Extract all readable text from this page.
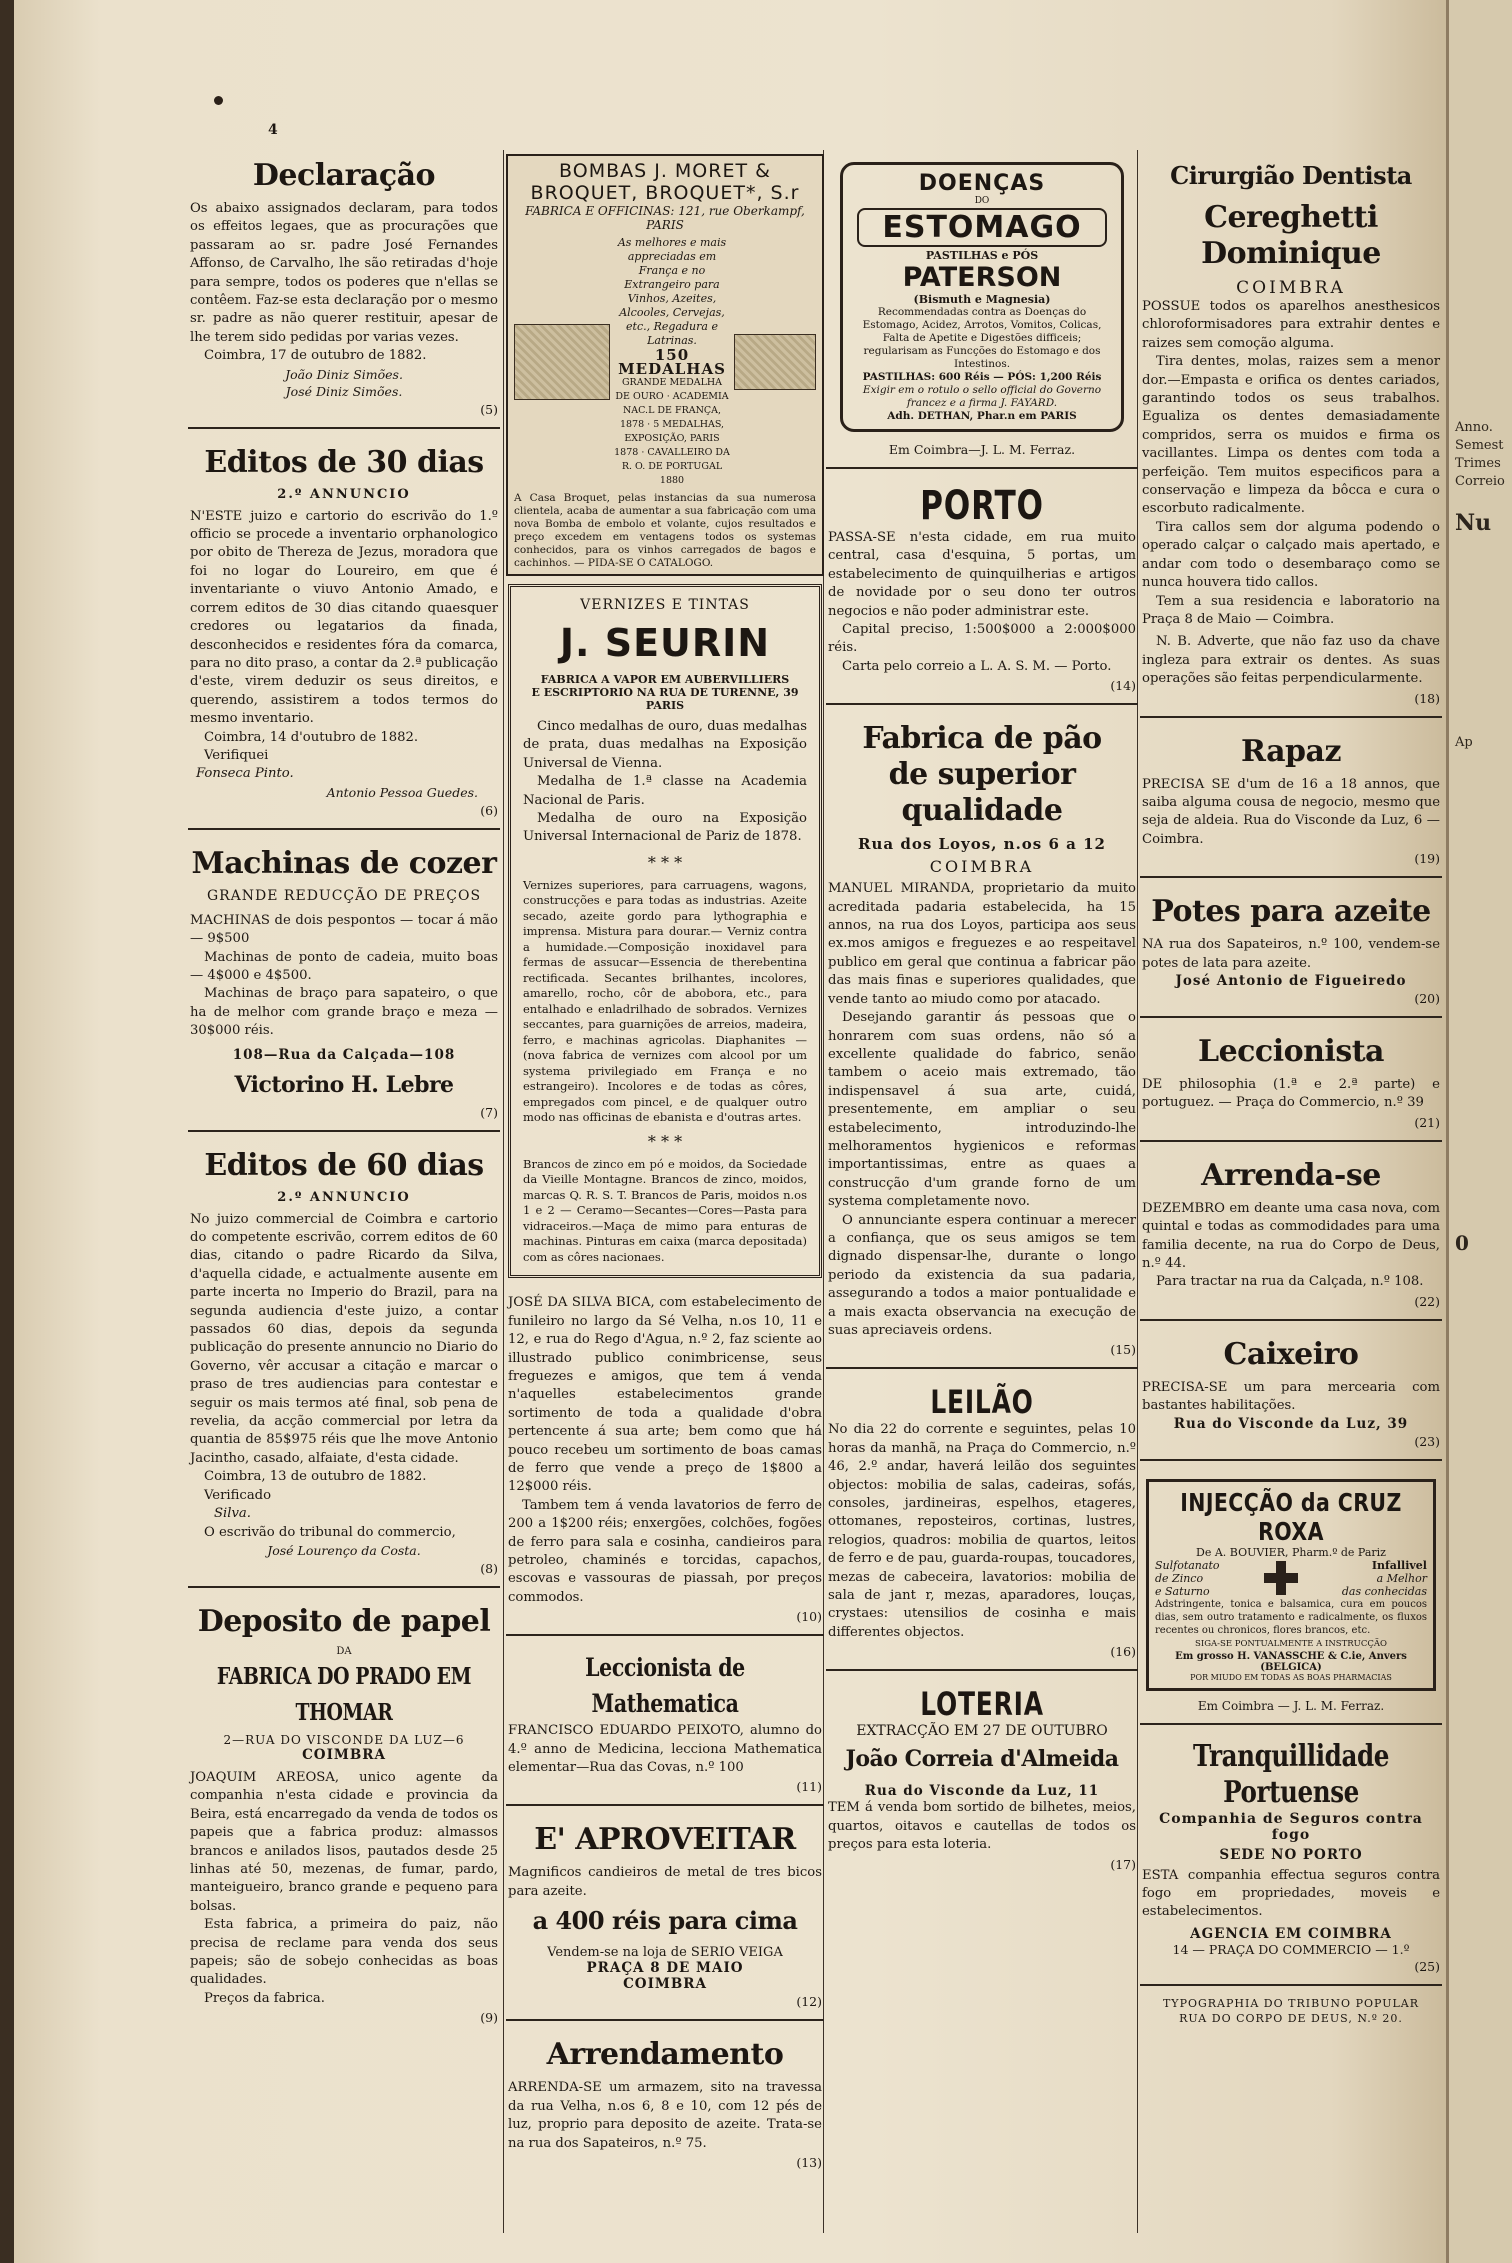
4
Declaração
Os abaixo assignados declaram, para todos os effeitos legaes, que as procurações que passaram ao sr. padre José Fernandes Affonso, de Carvalho, lhe são retiradas d'hoje para sempre, todos os poderes que n'ellas se contêem. Faz-se esta declaração por o mesmo sr. padre as não querer restituir, apesar de lhe terem sido pedidas por varias vezes.
Coimbra, 17 de outubro de 1882.
João Diniz Simões.
José Diniz Simões.
(5)
Editos de 30 dias
2.º ANNUNCIO
N'ESTE juizo e cartorio do escrivão do 1.º officio se procede a inventario orphanologico por obito de Thereza de Jezus, moradora que foi no logar do Loureiro, em que é inventariante o viuvo Antonio Amado, e correm editos de 30 dias citando quaesquer credores ou legatarios da finada, desconhecidos e residentes fóra da comarca, para no dito praso, a contar da 2.ª publicação d'este, virem deduzir os seus direitos, e querendo, assistirem a todos termos do mesmo inventario.
Coimbra, 14 d'outubro de 1882.
Verifiquei
Fonseca Pinto.
Antonio Pessoa Guedes.
(6)
Machinas de cozer
GRANDE REDUCÇÃO DE PREÇOS
MACHINAS de dois pespontos — tocar á mão — 9$500
Machinas de ponto de cadeia, muito boas — 4$000 e 4$500.
Machinas de braço para sapateiro, o que ha de melhor com grande braço e meza — 30$000 réis.
108—Rua da Calçada—108
Victorino H. Lebre
(7)
Editos de 60 dias
2.º ANNUNCIO
No juizo commercial de Coimbra e cartorio do competente escrivão, correm editos de 60 dias, citando o padre Ricardo da Silva, d'aquella cidade, e actualmente ausente em parte incerta no Imperio do Brazil, para na segunda audiencia d'este juizo, a contar passados 60 dias, depois da segunda publicação do presente annuncio no Diario do Governo, vêr accusar a citação e marcar o praso de tres audiencias para contestar e seguir os mais termos até final, sob pena de revelia, da acção commercial por letra da quantia de 85$975 réis que lhe move Antonio Jacintho, casado, alfaiate, d'esta cidade.
Coimbra, 13 de outubro de 1882.
Verificado
Silva.
O escrivão do tribunal do commercio,
José Lourenço da Costa.
(8)
Deposito de papel
DA
FABRICA DO PRADO EM THOMAR
2—RUA DO VISCONDE DA LUZ—6
COIMBRA
JOAQUIM AREOSA, unico agente da companhia n'esta cidade e provincia da Beira, está encarregado da venda de todos os papeis que a fabrica produz: almassos brancos e anilados lisos, pautados desde 25 linhas até 50, mezenas, de fumar, pardo, manteigueiro, branco grande e pequeno para bolsas.
Esta fabrica, a primeira do paiz, não precisa de reclame para venda dos seus papeis; são de sobejo conhecidas as boas qualidades.
Preços da fabrica.
(9)
BOMBAS J. MORET & BROQUET, BROQUET*, S.r
FABRICA E OFFICINAS: 121, rue Oberkampf, PARIS
As melhores e mais appreciadas em França e no Extrangeiro para Vinhos, Azeites, Alcooles, Cervejas, etc., Regadura e Latrinas.
150 MEDALHAS
GRANDE MEDALHA DE OURO · ACADEMIA NAC.L DE FRANÇA, 1878 · 5 MEDALHAS, EXPOSIÇÃO, PARIS 1878 · CAVALLEIRO DA R. O. DE PORTUGAL 1880
A Casa Broquet, pelas instancias da sua numerosa clientela, acaba de aumentar a sua fabricação com uma nova Bomba de embolo et volante, cujos resultados e preço excedem em ventagens todos os systemas conhecidos, para os vinhos carregados de bagos e cachinhos. — PIDA-SE O CATALOGO.
VERNIZES E TINTAS
J. SEURIN
FABRICA A VAPOR EM AUBERVILLIERS
E ESCRIPTORIO NA RUA DE TURENNE, 39
PARIS
Cinco medalhas de ouro, duas medalhas de prata, duas medalhas na Exposição Universal de Vienna.
Medalha de 1.ª classe na Academia Nacional de Paris.
Medalha de ouro na Exposição Universal Internacional de Pariz de 1878.
* * *
Vernizes superiores, para carruagens, wagons, construcções e para todas as industrias. Azeite secado, azeite gordo para lythographia e imprensa. Mistura para dourar.— Verniz contra a humidade.—Composição inoxidavel para fermas de assucar—Essencia de therebentina rectificada. Secantes brilhantes, incolores, amarello, rocho, côr de abobora, etc., para entalhado e enladrilhado de sobrados. Vernizes seccantes, para guarnições de arreios, madeira, ferro, e machinas agricolas. Diaphanites — (nova fabrica de vernizes com alcool por um systema privilegiado em França e no estrangeiro). Incolores e de todas as côres, empregados com pincel, e de qualquer outro modo nas officinas de ebanista e d'outras artes.
* * *
Brancos de zinco em pó e moidos, da Sociedade da Vieille Montagne. Brancos de zinco, moidos, marcas Q. R. S. T. Brancos de Paris, moidos n.os 1 e 2 — Ceramo—Secantes—Cores—Pasta para vidraceiros.—Maça de mimo para enturas de machinas. Pinturas em caixa (marca depositada) com as côres nacionaes.
JOSÉ DA SILVA BICA, com estabelecimento de funileiro no largo da Sé Velha, n.os 10, 11 e 12, e rua do Rego d'Agua, n.º 2, faz sciente ao illustrado publico conimbricense, seus freguezes e amigos, que tem á venda n'aquelles estabelecimentos grande sortimento de toda a qualidade d'obra pertencente á sua arte; bem como que há pouco recebeu um sortimento de boas camas de ferro que vende a preço de 1$800 a 12$000 réis.
Tambem tem á venda lavatorios de ferro de 200 a 1$200 réis; enxergões, colchões, fogões de ferro para sala e cosinha, candieiros para petroleo, chaminés e torcidas, capachos, escovas e vassouras de piassah, por preços commodos.
(10)
Leccionista de Mathematica
FRANCISCO EDUARDO PEIXOTO, alumno do 4.º anno de Medicina, lecciona Mathematica elementar—Rua das Covas, n.º 100
(11)
E' APROVEITAR
Magnificos candieiros de metal de tres bicos para azeite.
a 400 réis para cima
Vendem-se na loja de SERIO VEIGA
PRAÇA 8 DE MAIO
COIMBRA
(12)
Arrendamento
ARRENDA-SE um armazem, sito na travessa da rua Velha, n.os 6, 8 e 10, com 12 pés de luz, proprio para deposito de azeite. Trata-se na rua dos Sapateiros, n.º 75.
(13)
DOENÇAS
DO
ESTOMAGO
PASTILHAS e PÓS
PATERSON
(Bismuth e Magnesia)
Recommendadas contra as Doenças do Estomago, Acidez, Arrotos, Vomitos, Colicas, Falta de Apetite e Digestões difficeis; regularisam as Funcções do Estomago e dos Intestinos.
PASTILHAS: 600 Réis — PÓS: 1,200 Réis
Exigir em o rotulo o sello official do Governo francez e a firma J. FAYARD.
Adh. DETHAN, Phar.n em PARIS
Em Coimbra—J. L. M. Ferraz.
PORTO
PASSA-SE n'esta cidade, em rua muito central, casa d'esquina, 5 portas, um estabelecimento de quinquilherias e artigos de novidade por o seu dono ter outros negocios e não poder administrar este.
Capital preciso, 1:500$000 a 2:000$000 réis.
Carta pelo correio a L. A. S. M. — Porto.
(14)
Fabrica de pão
de superior qualidade
Rua dos Loyos, n.os 6 a 12
COIMBRA
MANUEL MIRANDA, proprietario da muito acreditada padaria estabelecida, ha 15 annos, na rua dos Loyos, participa aos seus ex.mos amigos e freguezes e ao respeitavel publico em geral que continua a fabricar pão das mais finas e superiores qualidades, que vende tanto ao miudo como por atacado.
Desejando garantir ás pessoas que o honrarem com suas ordens, não só a excellente qualidade do fabrico, senão tambem o aceio mais extremado, tão indispensavel á sua arte, cuidá, presentemente, em ampliar o seu estabelecimento, introduzindo-lhe melhoramentos hygienicos e reformas importantissimas, entre as quaes a construcção d'um grande forno de um systema completamente novo.
O annunciante espera continuar a merecer a confiança, que os seus amigos se tem dignado dispensar-lhe, durante o longo periodo da existencia da sua padaria, assegurando a todos a maior pontualidade e a mais exacta observancia na execução de suas apreciaveis ordens.
(15)
LEILÃO
No dia 22 do corrente e seguintes, pelas 10 horas da manhã, na Praça do Commercio, n.º 46, 2.º andar, haverá leilão dos seguintes objectos: mobilia de salas, cadeiras, sofás, consoles, jardineiras, espelhos, etageres, ottomanes, reposteiros, cortinas, lustres, relogios, quadros: mobilia de quartos, leitos de ferro e de pau, guarda-roupas, toucadores, mezas de cabeceira, lavatorios: mobilia de sala de jant r, mezas, aparadores, louças, crystaes: utensilios de cosinha e mais differentes objectos.
(16)
LOTERIA
EXTRACÇÃO EM 27 DE OUTUBRO
João Correia d'Almeida
Rua do Visconde da Luz, 11
TEM á venda bom sortido de bilhetes, meios, quartos, oitavos e cautellas de todos os preços para esta loteria.
(17)
Cirurgião Dentista
Cereghetti Dominique
COIMBRA
POSSUE todos os aparelhos anesthesicos chloroformisadores para extrahir dentes e raizes sem comoção alguma.
Tira dentes, molas, raizes sem a menor dor.—Empasta e orifica os dentes cariados, garantindo todos os seus trabalhos. Egualiza os dentes demasiadamente compridos, serra os muidos e firma os vacillantes. Limpa os dentes com toda a perfeição. Tem muitos especificos para a conservação e limpeza da bôcca e cura o escorbuto radicalmente.
Tira callos sem dor alguma podendo o operado calçar o calçado mais apertado, e andar com todo o desembaraço como se nunca houvera tido callos.
Tem a sua residencia e laboratorio na Praça 8 de Maio — Coimbra.
N. B. Adverte, que não faz uso da chave ingleza para extrair os dentes. As suas operações são feitas perpendicularmente.
(18)
Rapaz
PRECISA SE d'um de 16 a 18 annos, que saiba alguma cousa de negocio, mesmo que seja de aldeia. Rua do Visconde da Luz, 6 — Coimbra.
(19)
Potes para azeite
NA rua dos Sapateiros, n.º 100, vendem-se potes de lata para azeite.
José Antonio de Figueiredo
(20)
Leccionista
DE philosophia (1.ª e 2.ª parte) e portuguez. — Praça do Commercio, n.º 39
(21)
Arrenda-se
DEZEMBRO em deante uma casa nova, com quintal e todas as commodidades para uma familia decente, na rua do Corpo de Deus, n.º 44.
Para tractar na rua da Calçada, n.º 108.
(22)
Caixeiro
PRECISA-SE um para mercearia com bastantes habilitações.
Rua do Visconde da Luz, 39
(23)
INJECÇÃO da CRUZ ROXA
De A. BOUVIER, Pharm.º de Pariz
Sulfotanato
de Zinco
e Saturno
Infallivel
a Melhor
das conhecidas
Adstringente, tonica e balsamica, cura em poucos dias, sem outro tratamento e radicalmente, os fluxos recentes ou chronicos, flores brancos, etc.
SIGA-SE PONTUALMENTE A INSTRUCÇÃO
Em grosso H. VANASSCHE & C.ie, Anvers (BELGICA)
POR MIUDO EM TODAS AS BOAS PHARMACIAS
Em Coimbra — J. L. M. Ferraz.
Tranquillidade Portuense
Companhia de Seguros contra fogo
SEDE NO PORTO
ESTA companhia effectua seguros contra fogo em propriedades, moveis e estabelecimentos.
AGENCIA EM COIMBRA
14 — PRAÇA DO COMMERCIO — 1.º
(25)
TYPOGRAPHIA DO TRIBUNO POPULAR
RUA DO CORPO DE DEUS, N.º 20.
Anno.
Semest
Trimes
Correio
Nu
Ap
0
